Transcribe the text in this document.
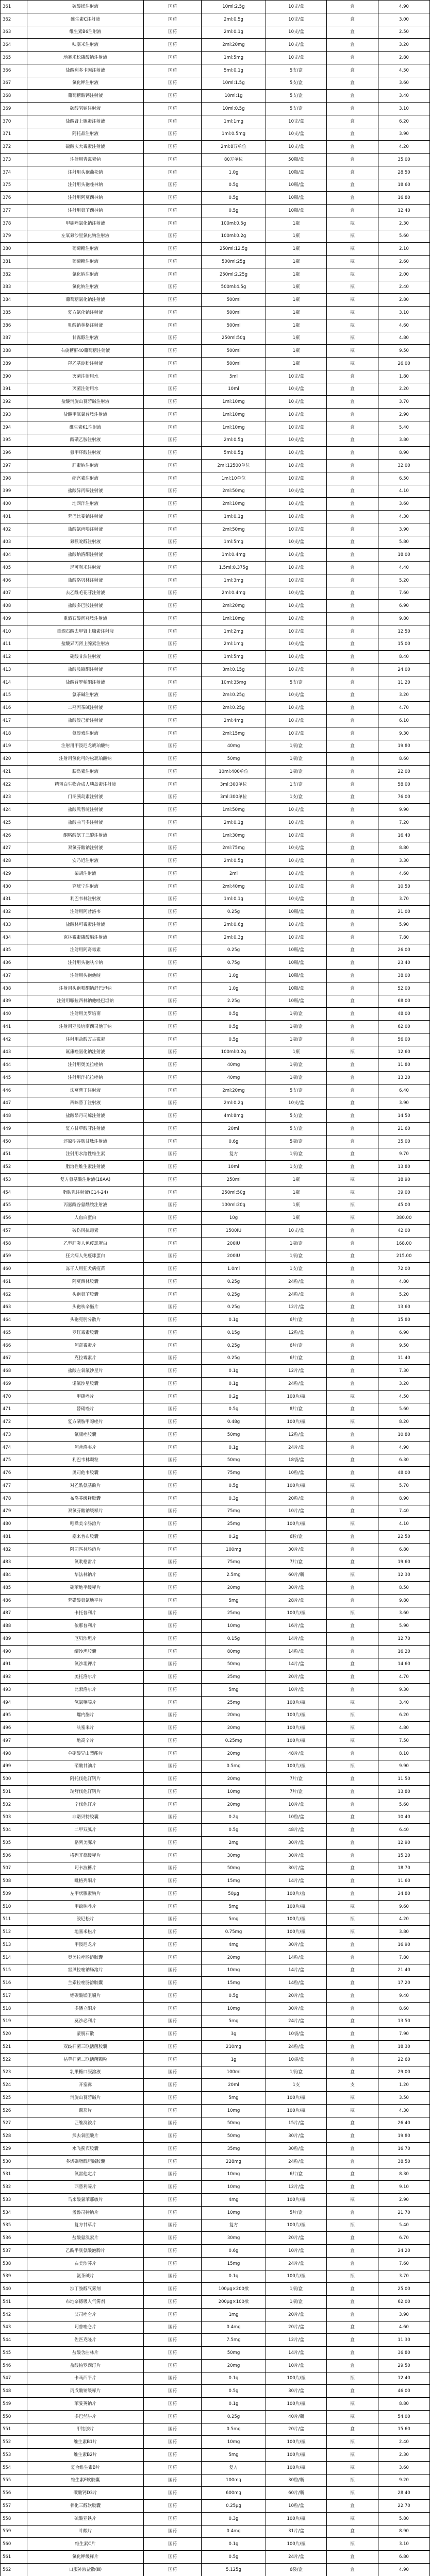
361	硫酸镁注射液	国药	10ml:2.5g	10支/盒	盒	4.90
362	维生素C注射液	国药	2ml:0.5g	10支/盒	盒	3.00
363	维生素B6注射液	国药	2ml:0.1g	10支/盒	盒	2.50
364	呋塞米注射液	国药	2ml:20mg	10支/盒	盒	3.20
365	地塞米松磷酸钠注射液	国药	1ml:5mg	10支/盒	盒	2.80
366	盐酸利多卡因注射液	国药	5ml:0.1g	5支/盒	盒	4.50
367	氯化钾注射液	国药	10ml:1.5g	5支/盒	盒	3.60
368	葡萄糖酸钙注射液	国药	10ml:1g	5支/盒	盒	3.40
369	碳酸氢钠注射液	国药	10ml:0.5g	5支/盒	盒	3.10
370	盐酸肾上腺素注射液	国药	1ml:1mg	10支/盒	盒	6.20
371	阿托品注射液	国药	1ml:0.5mg	10支/盒	盒	3.90
372	硫酸庆大霉素注射液	国药	2ml:8万单位	10支/盒	盒	4.20
373	注射用青霉素钠	国药	80万单位	50瓶/盒	盒	35.00
374	注射用头孢曲松钠	国药	1.0g	10瓶/盒	盒	28.50
375	注射用头孢唑林钠	国药	0.5g	10瓶/盒	盒	18.60
376	注射用阿莫西林钠	国药	0.5g	10瓶/盒	盒	16.80
377	注射用氨苄西林钠	国药	0.5g	10瓶/盒	盒	12.40
378	甲硝唑氯化钠注射液	国药	100ml:0.5g	1瓶	瓶	2.30
379	左氧氟沙星氯化钠注射液	国药	100ml:0.2g	1瓶	瓶	5.60
380	葡萄糖注射液	国药	250ml:12.5g	1瓶	瓶	2.10
381	葡萄糖注射液	国药	500ml:25g	1瓶	瓶	2.60
382	氯化钠注射液	国药	250ml:2.25g	1瓶	瓶	2.00
383	氯化钠注射液	国药	500ml:4.5g	1瓶	瓶	2.40
384	葡萄糖氯化钠注射液	国药	500ml	1瓶	瓶	2.80
385	复方氯化钠注射液	国药	500ml	1瓶	瓶	3.10
386	乳酸钠林格注射液	国药	500ml	1瓶	瓶	4.60
387	甘露醇注射液	国药	250ml:50g	1瓶	瓶	4.80
388	右旋糖酐40葡萄糖注射液	国药	500ml	1瓶	瓶	9.50
389	羟乙基淀粉注射液	国药	500ml	1瓶	瓶	26.00
390	灭菌注射用水	国药	5ml	10支/盒	盒	1.80
391	灭菌注射用水	国药	10ml	10支/盒	盒	2.20
392	盐酸消旋山莨菪碱注射液	国药	1ml:10mg	10支/盒	盒	3.70
393	盐酸甲氧氯普胺注射液	国药	1ml:10mg	10支/盒	盒	2.90
394	维生素K1注射液	国药	1ml:10mg	10支/盒	盒	5.40
395	酚磺乙胺注射液	国药	2ml:0.5g	10支/盒	盒	3.80
396	氨甲环酸注射液	国药	5ml:0.5g	10支/盒	盒	8.90
397	肝素钠注射液	国药	2ml:12500单位	10支/盒	盒	32.00
398	缩宫素注射液	国药	1ml:10单位	10支/盒	盒	6.50
399	盐酸异丙嗪注射液	国药	2ml:50mg	10支/盒	盒	4.10
400	地西泮注射液	国药	2ml:10mg	10支/盒	盒	3.60
401	苯巴比妥钠注射液	国药	1ml:0.1g	10支/盒	盒	4.30
402	盐酸氯丙嗪注射液	国药	2ml:50mg	10支/盒	盒	3.90
403	氟哌啶醇注射液	国药	1ml:5mg	10支/盒	盒	5.80
404	盐酸纳洛酮注射液	国药	1ml:0.4mg	10支/盒	盒	18.00
405	尼可刹米注射液	国药	1.5ml:0.375g	10支/盒	盒	4.40
406	盐酸洛贝林注射液	国药	1ml:3mg	10支/盒	盒	5.20
407	去乙酰毛花苷注射液	国药	2ml:0.4mg	10支/盒	盒	7.60
408	盐酸多巴胺注射液	国药	2ml:20mg	10支/盒	盒	6.90
409	重酒石酸间羟胺注射液	国药	1ml:10mg	10支/盒	盒	9.80
410	重酒石酸去甲肾上腺素注射液	国药	1ml:2mg	10支/盒	盒	12.50
411	盐酸异丙肾上腺素注射液	国药	2ml:1mg	10支/盒	盒	15.00
412	硝酸甘油注射液	国药	1ml:5mg	10支/盒	盒	8.40
413	盐酸胺碘酮注射液	国药	3ml:0.15g	10支/盒	盒	24.00
414	盐酸普罗帕酮注射液	国药	10ml:35mg	5支/盒	盒	11.20
415	氨茶碱注射液	国药	2ml:0.25g	10支/盒	盒	3.20
416	二羟丙茶碱注射液	国药	2ml:0.25g	10支/盒	盒	4.70
417	盐酸溴己新注射液	国药	2ml:4mg	10支/盒	盒	6.10
418	氨溴索注射液	国药	2ml:15mg	10支/盒	盒	9.30
419	注射用甲泼尼龙琥珀酸钠	国药	40mg	1瓶/盒	盒	19.80
420	注射用氢化可的松琥珀酸钠	国药	50mg	1瓶/盒	盒	8.60
421	胰岛素注射液	国药	10ml:400单位	1瓶/盒	盒	22.00
422	精蛋白生物合成人胰岛素注射液	国药	3ml:300单位	1支/盒	盒	58.00
423	门冬胰岛素注射液	国药	3ml:300单位	1支/盒	盒	76.00
424	盐酸哌替啶注射液	国药	1ml:50mg	10支/盒	盒	9.90
425	盐酸曲马多注射液	国药	2ml:0.1g	10支/盒	盒	7.20
426	酮咯酸氨丁三醇注射液	国药	1ml:30mg	10支/盒	盒	16.40
427	双氯芬酸钠注射液	国药	2ml:75mg	10支/盒	盒	8.80
428	安乃近注射液	国药	2ml:0.5g	10支/盒	盒	3.30
429	柴胡注射液	国药	2ml	10支/盒	盒	4.60
430	穿琥宁注射液	国药	2ml:40mg	10支/盒	盒	10.50
431	利巴韦林注射液	国药	1ml:0.1g	10支/盒	盒	3.70
432	注射用阿昔洛韦	国药	0.25g	10瓶/盒	盒	21.00
433	盐酸林可霉素注射液	国药	2ml:0.6g	10支/盒	盒	5.90
434	克林霉素磷酸酯注射液	国药	2ml:0.3g	10支/盒	盒	7.80
435	注射用阿奇霉素	国药	0.25g	10瓶/盒	盒	26.00
436	注射用头孢呋辛钠	国药	0.75g	10瓶/盒	盒	23.40
437	注射用头孢他啶	国药	1.0g	10瓶/盒	盒	38.00
438	注射用头孢哌酮钠舒巴坦钠	国药	1.0g	10瓶/盒	盒	52.00
439	注射用哌拉西林钠他唑巴坦钠	国药	2.25g	10瓶/盒	盒	68.00
440	注射用美罗培南	国药	0.5g	1瓶/盒	盒	48.00
441	注射用亚胺培南西司他丁钠	国药	0.5g	1瓶/盒	盒	62.00
442	注射用盐酸万古霉素	国药	0.5g	1瓶/盒	盒	56.00
443	氟康唑氯化钠注射液	国药	100ml:0.2g	1瓶	瓶	12.60
444	注射用奥美拉唑钠	国药	40mg	1瓶/盒	盒	11.80
445	注射用泮托拉唑钠	国药	40mg	1瓶/盒	盒	13.20
446	法莫替丁注射液	国药	2ml:20mg	5支/盒	盒	6.40
447	西咪替丁注射液	国药	2ml:0.2g	10支/盒	盒	3.90
448	盐酸昂丹司琼注射液	国药	4ml:8mg	5支/盒	盒	14.50
449	复方甘草酸苷注射液	国药	20ml	5支/盒	盒	21.60
450	还原型谷胱甘肽注射液	国药	0.6g	5瓶/盒	盒	35.00
451	注射用水溶性维生素	国药	复方	1瓶/盒	盒	9.70
452	脂溶性维生素注射液	国药	10ml	1支/盒	盒	13.80
453	复方氨基酸注射液(18AA)	国药	250ml	1瓶	瓶	18.90
454	脂肪乳注射液(C14-24)	国药	250ml:50g	1瓶	瓶	39.00
455	丙氨酰谷氨酰胺注射液	国药	100ml:20g	1瓶	瓶	45.00
456	人血白蛋白	国药	10g	1瓶	瓶	380.00
457	破伤风抗毒素	国药	1500IU	10支/盒	盒	42.00
458	乙型肝炎人免疫球蛋白	国药	200IU	1瓶/盒	盒	168.00
459	狂犬病人免疫球蛋白	国药	200IU	1瓶/盒	盒	215.00
460	冻干人用狂犬病疫苗	国药	1.0ml	1支/盒	盒	72.00
461	阿莫西林胶囊	国药	0.25g	24粒/盒	盒	4.80
462	头孢氨苄胶囊	国药	0.25g	24粒/盒	盒	5.20
463	头孢呋辛酯片	国药	0.25g	12片/盒	盒	13.60
464	头孢克肟分散片	国药	0.1g	6片/盒	盒	15.80
465	罗红霉素胶囊	国药	0.15g	12粒/盒	盒	6.90
466	阿奇霉素片	国药	0.25g	6片/盒	盒	9.50
467	克拉霉素片	国药	0.25g	6片/盒	盒	11.40
468	盐酸左氧氟沙星片	国药	0.1g	12片/盒	盒	7.30
469	诺氟沙星胶囊	国药	0.1g	24粒/盒	盒	3.20
470	甲硝唑片	国药	0.2g	100片/瓶	瓶	4.50
471	替硝唑片	国药	0.5g	8片/盒	盒	5.60
472	复方磺胺甲噁唑片	国药	0.48g	100片/瓶	瓶	8.20
473	氟康唑胶囊	国药	50mg	12粒/盒	盒	10.80
474	阿昔洛韦片	国药	0.1g	24片/盒	盒	4.90
475	利巴韦林颗粒	国药	50mg	18袋/盒	盒	6.30
476	奥司他韦胶囊	国药	75mg	10粒/盒	盒	48.00
477	对乙酰氨基酚片	国药	0.5g	100片/瓶	瓶	5.70
478	布洛芬缓释胶囊	国药	0.3g	20粒/盒	盒	8.90
479	双氯芬酸钠缓释片	国药	75mg	10片/盒	盒	7.40
480	吲哚美辛肠溶片	国药	25mg	100片/瓶	瓶	4.10
481	塞来昔布胶囊	国药	0.2g	6粒/盒	盒	22.50
482	阿司匹林肠溶片	国药	100mg	30片/盒	盒	6.80
483	氯吡格雷片	国药	75mg	7片/盒	盒	19.60
484	华法林钠片	国药	2.5mg	60片/瓶	瓶	12.30
485	硝苯地平缓释片	国药	20mg	30片/盒	盒	8.50
486	苯磺酸氨氯地平片	国药	5mg	28片/盒	盒	9.80
487	卡托普利片	国药	25mg	100片/瓶	瓶	3.60
488	依那普利片	国药	10mg	16片/盒	盒	5.90
489	厄贝沙坦片	国药	0.15g	14片/盒	盒	12.70
490	缬沙坦胶囊	国药	80mg	14粒/盒	盒	16.20
491	氯沙坦钾片	国药	50mg	14片/盒	盒	14.60
492	美托洛尔片	国药	25mg	20片/盒	盒	4.70
493	比索洛尔片	国药	5mg	10片/盒	盒	9.30
494	氢氯噻嗪片	国药	25mg	100片/瓶	瓶	3.40
495	螺内酯片	国药	20mg	100片/瓶	瓶	6.20
496	呋塞米片	国药	20mg	100片/瓶	瓶	4.80
497	地高辛片	国药	0.25mg	100片/瓶	瓶	7.50
498	单硝酸异山梨酯片	国药	20mg	48片/盒	盒	8.10
499	硝酸甘油片	国药	0.5mg	100片/瓶	瓶	9.90
500	阿托伐他汀钙片	国药	20mg	7片/盒	盒	11.50
501	瑞舒伐他汀钙片	国药	10mg	7片/盒	盒	13.80
502	辛伐他汀片	国药	20mg	10片/盒	盒	5.60
503	非诺贝特胶囊	国药	0.2g	10粒/盒	盒	10.40
504	二甲双胍片	国药	0.5g	48片/盒	盒	6.40
505	格列美脲片	国药	2mg	30片/盒	盒	12.90
506	格列齐德缓释片	国药	30mg	30片/盒	盒	15.20
507	阿卡波糖片	国药	50mg	30片/盒	盒	18.70
508	吡格列酮片	国药	15mg	14片/盒	盒	11.60
509	左甲状腺素钠片	国药	50μg	100片/盒	盒	24.80
510	甲巯咪唑片	国药	5mg	100片/瓶	瓶	9.60
511	泼尼松片	国药	5mg	100片/瓶	瓶	4.20
512	地塞米松片	国药	0.75mg	100片/瓶	瓶	3.80
513	甲泼尼龙片	国药	4mg	30片/盒	盒	16.90
514	奥美拉唑肠溶胶囊	国药	20mg	14粒/盒	盒	7.80
515	雷贝拉唑钠肠溶片	国药	10mg	14片/盒	盒	21.40
516	兰索拉唑肠溶胶囊	国药	15mg	14粒/盒	盒	17.20
517	铝碳酸镁咀嚼片	国药	0.5g	20片/盒	盒	9.40
518	多潘立酮片	国药	10mg	30片/盒	盒	8.60
519	莫沙必利片	国药	5mg	24片/盒	盒	13.50
520	蒙脱石散	国药	3g	10袋/盒	盒	7.90
521	双歧杆菌三联活菌胶囊	国药	210mg	24粒/盒	盒	18.30
522	枯草杆菌二联活菌颗粒	国药	1g	10袋/盒	盒	22.60
523	乳果糖口服溶液	国药	100ml	1瓶/盒	盒	29.00
524	开塞露	国药	20ml	1支	支	1.20
525	消旋山莨菪碱片	国药	5mg	100片/瓶	瓶	3.50
526	颠茄片	国药	10mg	100片/瓶	瓶	4.30
527	匹维溴铵片	国药	50mg	15片/盒	盒	26.40
528	熊去氧胆酸片	国药	50mg	30片/盒	盒	19.80
529	水飞蓟宾胶囊	国药	35mg	30粒/盒	盒	16.70
530	多烯磷脂酰胆碱胶囊	国药	228mg	24粒/盒	盒	38.50
531	氯雷他定片	国药	10mg	6片/盒	盒	8.30
532	西替利嗪片	国药	10mg	12片/盒	盒	9.10
533	马来酸氯苯那敏片	国药	4mg	100片/瓶	瓶	2.90
534	孟鲁司特钠片	国药	10mg	5片/盒	盒	21.70
535	复方甘草片	国药	复方	100片/瓶	瓶	5.40
536	盐酸氨溴索片	国药	30mg	20片/盒	盒	6.70
537	乙酰半胱氨酸泡腾片	国药	0.6g	10片/盒	盒	24.20
538	右美沙芬片	国药	15mg	24片/盒	盒	7.60
539	氨茶碱片	国药	0.1g	100片/瓶	瓶	3.70
540	沙丁胺醇气雾剂	国药	100μg×200揿	1瓶/盒	盒	25.00
541	布地奈德吸入气雾剂	国药	200μg×100揿	1瓶/盒	盒	62.00
542	艾司唑仑片	国药	1mg	20片/盒	盒	3.90
543	阿普唑仑片	国药	0.4mg	20片/盒	盒	4.60
544	佐匹克隆片	国药	7.5mg	12片/盒	盒	11.30
545	盐酸舍曲林片	国药	50mg	14片/盒	盒	36.80
546	盐酸帕罗西汀片	国药	20mg	10片/盒	盒	29.50
547	卡马西平片	国药	0.1g	100片/瓶	瓶	12.40
548	丙戊酸钠缓释片	国药	0.5g	30片/盒	盒	46.00
549	苯妥英钠片	国药	0.1g	100片/瓶	瓶	8.80
550	多巴丝肼片	国药	0.25g	40片/瓶	瓶	54.00
551	甲钴胺片	国药	0.5mg	20片/盒	盒	15.60
552	维生素B1片	国药	10mg	100片/瓶	瓶	2.40
553	维生素B2片	国药	5mg	100片/瓶	瓶	2.30
554	复合维生素B片	国药	复方	100片/瓶	瓶	3.60
555	维生素E软胶囊	国药	100mg	30粒/瓶	瓶	9.20
556	碳酸钙D3片	国药	600mg	60片/瓶	瓶	28.40
557	骨化三醇软胶囊	国药	0.25μg	10粒/盒	盒	22.70
558	硫酸亚铁片	国药	0.3g	100片/瓶	瓶	5.80
559	叶酸片	国药	0.4mg	31片/盒	盒	8.90
560	维生素C片	国药	0.1g	100片/瓶	瓶	3.10
561	氯化钾缓释片	国药	0.5g	24片/盒	盒	6.80
562	口服补液盐散(Ⅲ)	国药	5.125g	6袋/盒	盒	4.90
